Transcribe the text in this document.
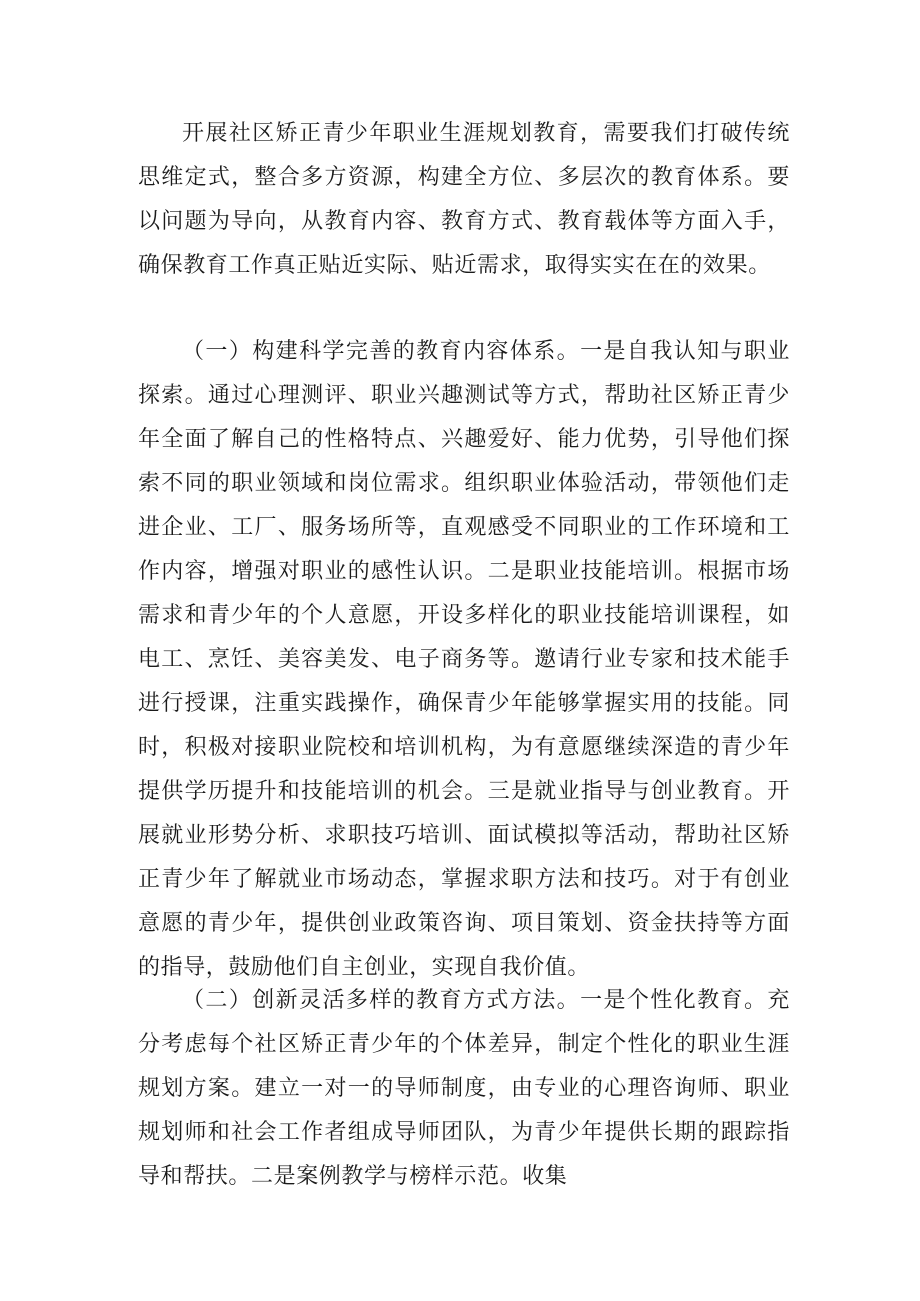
开展社区矫正青少年职业生涯规划教育，需要我们打破传统思维定式，整合多方资源，构建全方位、多层次的教育体系。要以问题为导向，从教育内容、教育方式、教育载体等方面入手，确保教育工作真正贴近实际、贴近需求，取得实实在在的效果。

（一）构建科学完善的教育内容体系。一是自我认知与职业探索。通过心理测评、职业兴趣测试等方式，帮助社区矫正青少年全面了解自己的性格特点、兴趣爱好、能力优势，引导他们探索不同的职业领域和岗位需求。组织职业体验活动，带领他们走进企业、工厂、服务场所等，直观感受不同职业的工作环境和工作内容，增强对职业的感性认识。二是职业技能培训。根据市场需求和青少年的个人意愿，开设多样化的职业技能培训课程，如电工、烹饪、美容美发、电子商务等。邀请行业专家和技术能手进行授课，注重实践操作，确保青少年能够掌握实用的技能。同时，积极对接职业院校和培训机构，为有意愿继续深造的青少年提供学历提升和技能培训的机会。三是就业指导与创业教育。开展就业形势分析、求职技巧培训、面试模拟等活动，帮助社区矫正青少年了解就业市场动态，掌握求职方法和技巧。对于有创业意愿的青少年，提供创业政策咨询、项目策划、资金扶持等方面的指导，鼓励他们自主创业，实现自我价值。

（二）创新灵活多样的教育方式方法。一是个性化教育。充分考虑每个社区矫正青少年的个体差异，制定个性化的职业生涯规划方案。建立一对一的导师制度，由专业的心理咨询师、职业规划师和社会工作者组成导师团队，为青少年提供长期的跟踪指导和帮扶。二是案例教学与榜样示范。收集
